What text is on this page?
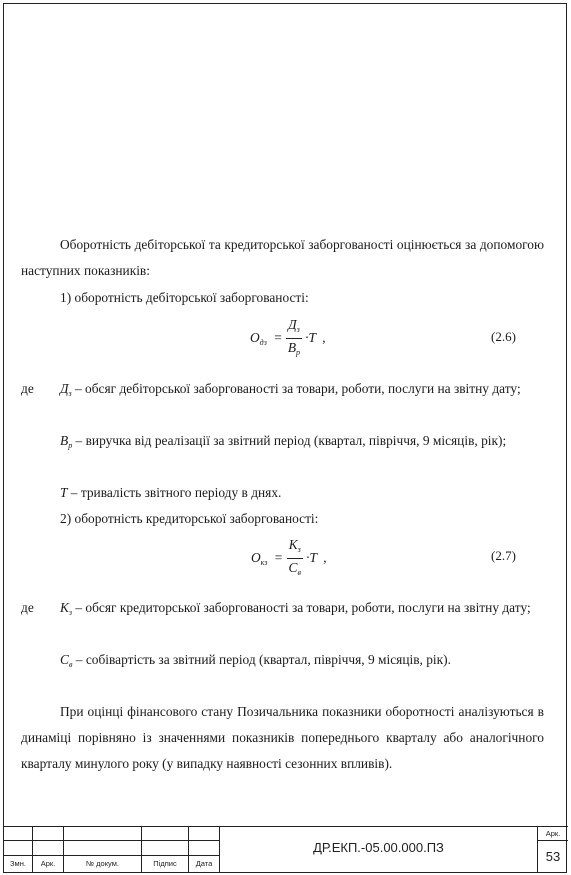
Оборотність дебіторської та кредиторської заборгованості оцінюється за допомогою наступних показників:

1) оборотність дебіторської заборгованості:

$О_{дз} = \frac{Д_з}{В_р} \cdot Т$ ,	(2.6)

де $Д_з$ – обсяг дебіторської заборгованості за товари, роботи, послуги на звітну дату;

$В_р$ – виручка від реалізації за звітний період (квартал, півріччя, 9 місяців, рік);

Т – тривалість звітного періоду в днях.

2) оборотність кредиторської заборгованості:

$О_{кз} = \frac{К_з}{С_в} \cdot Т$ ,	(2.7)

де $К_з$ – обсяг кредиторської заборгованості за товари, роботи, послуги на звітну дату;

$С_в$ – собівартість за звітний період (квартал, півріччя, 9 місяців, рік).

При оцінці фінансового стану Позичальника показники оборотності аналізуються в динаміці порівняно із значеннями показників попереднього кварталу або аналогічного кварталу минулого року (у випадку наявності сезонних впливів).

Змн.	Арк.	№ докум.	Підпис	Дата
ДР.ЕКП.-05.00.000.ПЗ
Арк.
53
